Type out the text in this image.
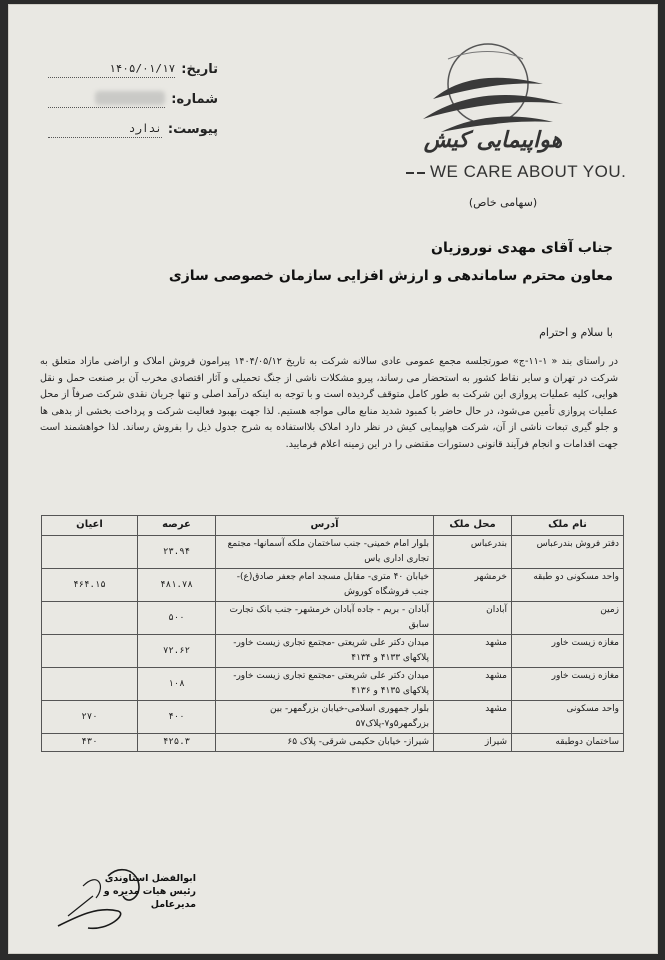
تاریخ:
۱۴۰۵/۰۱/۱۷
شماره:
پیوست:
ندارد	هواپیمایی کیش
WE CARE ABOUT YOU.
(سهامی خاص)
جناب آقای مهدی نوروزیان
معاون محترم ساماندهی و ارزش افزایی سازمان خصوصی سازی
با سلام و احترام
در راستای بند « ۱-۱۱-ج» صورتجلسه مجمع عمومی عادی سالانه شرکت به تاریخ ۱۴۰۴/۰۵/۱۲ پیرامون فروش املاک و اراضی مازاد متعلق به شرکت در تهران و سایر نقاط کشور به استحضار می رساند، پیرو مشکلات ناشی از جنگ تحمیلی و آثار اقتصادی مخرب آن بر صنعت حمل و نقل هوایی، کلیه عملیات پروازی این شرکت به طور کامل متوقف گردیده است و با توجه به اینکه درآمد اصلی و تنها جریان نقدی شرکت صرفاً از محل عملیات پروازی تأمین می‌شود، در حال حاضر با کمبود شدید منابع مالی مواجه هستیم. لذا جهت بهبود فعالیت شرکت و پرداخت بخشی از بدهی ها و جلو گیری تبعات ناشی از آن، شرکت هواپیمایی کیش در نظر دارد املاک بلااستفاده به شرح جدول ذیل را بفروش رساند. لذا خواهشمند است جهت اقدامات و انجام فرآیند قانونی دستورات مقتضی را در این زمینه اعلام فرمایید.
نام ملک	محل ملک	آدرس	عرصه	اعیان
دفتر فروش بندرعباس	بندرعباس	بلوار امام خمینی- جنب ساختمان ملکه آسمانها- مجتمع تجاری اداری یاس	۲۳.۹۴	
واحد مسکونی دو طبقه	خرمشهر	خیابان ۴۰ متری- مقابل مسجد امام جعفر صادق(ع)- جنب فروشگاه کوروش	۴۸۱.۷۸	۴۶۴.۱۵
زمین	آبادان	آبادان - بریم - جاده آبادان خرمشهر- جنب بانک تجارت سابق	۵۰۰	
مغازه زیست خاور	مشهد	میدان دکتر علی شریعتی -مجتمع تجاری زیست خاور-پلاکهای ۴۱۳۳ و ۴۱۳۴	۷۲.۶۲	
مغازه زیست خاور	مشهد	میدان دکتر علی شریعتی -مجتمع تجاری زیست خاور-پلاکهای ۴۱۳۵ و ۴۱۳۶	۱۰۸	
واحد مسکونی	مشهد	بلوار جمهوری اسلامی-خیابان بزرگمهر- بین بزرگمهر۵و۷-پلاک۵۷	۴۰۰	۲۷۰
ساختمان دوطبقه	شیراز	شیراز- خیابان حکیمی شرقی- پلاک ۶۵	۴۲۵.۳	۴۳۰
ابوالفضل استاوندی
رئیس هیات مدیره و
مدیرعامل
